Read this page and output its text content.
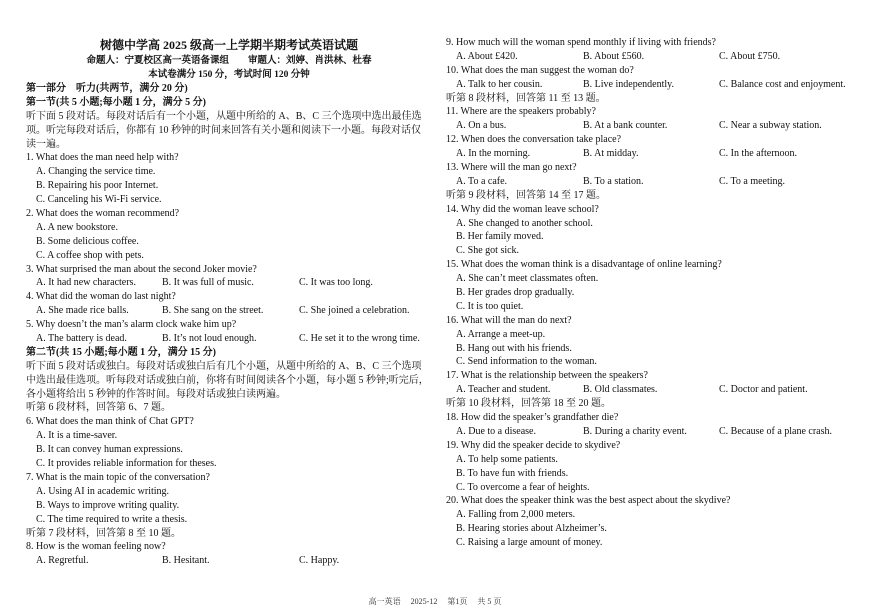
树德中学高 2025 级高一上学期半期考试英语试题
命题人：宁夏校区高一英语备课组　　审题人：刘婷、肖洪林、杜春
本试卷满分 150 分，考试时间 120 分钟
第一部分　听力(共两节，满分 20 分)
第一节(共 5 小题;每小题 1 分，满分 5 分)
听下面 5 段对话。每段对话后有一个小题，从题中所给的 A、B、C 三个选项中选出最佳选
项。听完每段对话后，你都有 10 秒钟的时间来回答有关小题和阅读下一小题。每段对话仅
读一遍。
1. What does the man need help with?
A. Changing the service time.
B. Repairing his poor Internet.
C. Canceling his Wi-Fi service.
2. What does the woman recommend?
A. A new bookstore.
B. Some delicious coffee.
C. A coffee shop with pets.
3. What surprised the man about the second Joker movie?
A. It had new characters.	B. It was full of music.	C. It was too long.
4. What did the woman do last night?
A. She made rice balls.	B. She sang on the street.	C. She joined a celebration.
5. Why doesn’t the man’s alarm clock wake him up?
A. The battery is dead.	B. It’s not loud enough.	C. He set it to the wrong time.
第二节(共 15 小题;每小题 1 分，满分 15 分)
听下面 5 段对话或独白。每段对话或独白后有几个小题，从题中所给的 A、B、C 三个选项
中选出最佳选项。听每段对话或独白前，你将有时间阅读各个小题，每小题 5 秒钟;听完后，
各小题将给出 5 秒钟的作答时间。每段对话或独白读两遍。
听第 6 段材料，回答第 6、7 题。
6. What does the man think of Chat GPT?
A. It is a time-saver.
B. It can convey human expressions.
C. It provides reliable information for theses.
7. What is the main topic of the conversation?
A. Using AI in academic writing.
B. Ways to improve writing quality.
C. The time required to write a thesis.
听第 7 段材料，回答第 8 至 10 题。
8. How is the woman feeling now?
A. Regretful.	B. Hesitant.	C. Happy.
9. How much will the woman spend monthly if living with friends?
A. About £420.	B. About £560.	C. About £750.
10. What does the man suggest the woman do?
A. Talk to her cousin.	B. Live independently.	C. Balance cost and enjoyment.
听第 8 段材料，回答第 11 至 13 题。
11. Where are the speakers probably?
A. On a bus.	B. At a bank counter.	C. Near a subway station.
12. When does the conversation take place?
A. In the morning.	B. At midday.	C. In the afternoon.
13. Where will the man go next?
A. To a cafe.	B. To a station.	C. To a meeting.
听第 9 段材料，回答第 14 至 17 题。
14. Why did the woman leave school?
A. She changed to another school.
B. Her family moved.
C. She got sick.
15. What does the woman think is a disadvantage of online learning?
A. She can’t meet classmates often.
B. Her grades drop gradually.
C. It is too quiet.
16. What will the man do next?
A. Arrange a meet-up.
B. Hang out with his friends.
C. Send information to the woman.
17. What is the relationship between the speakers?
A. Teacher and student.	B. Old classmates.	C. Doctor and patient.
听第 10 段材料，回答第 18 至 20 题。
18. How did the speaker’s grandfather die?
A. Due to a disease.	B. During a charity event.	C. Because of a plane crash.
19. Why did the speaker decide to skydive?
A. To help some patients.
B. To have fun with friends.
C. To overcome a fear of heights.
20. What does the speaker think was the best aspect about the skydive?
A. Falling from 2,000 meters.
B. Hearing stories about Alzheimer’s.
C. Raising a large amount of money.
高一英语 2025-12 第1页 共 5 页
